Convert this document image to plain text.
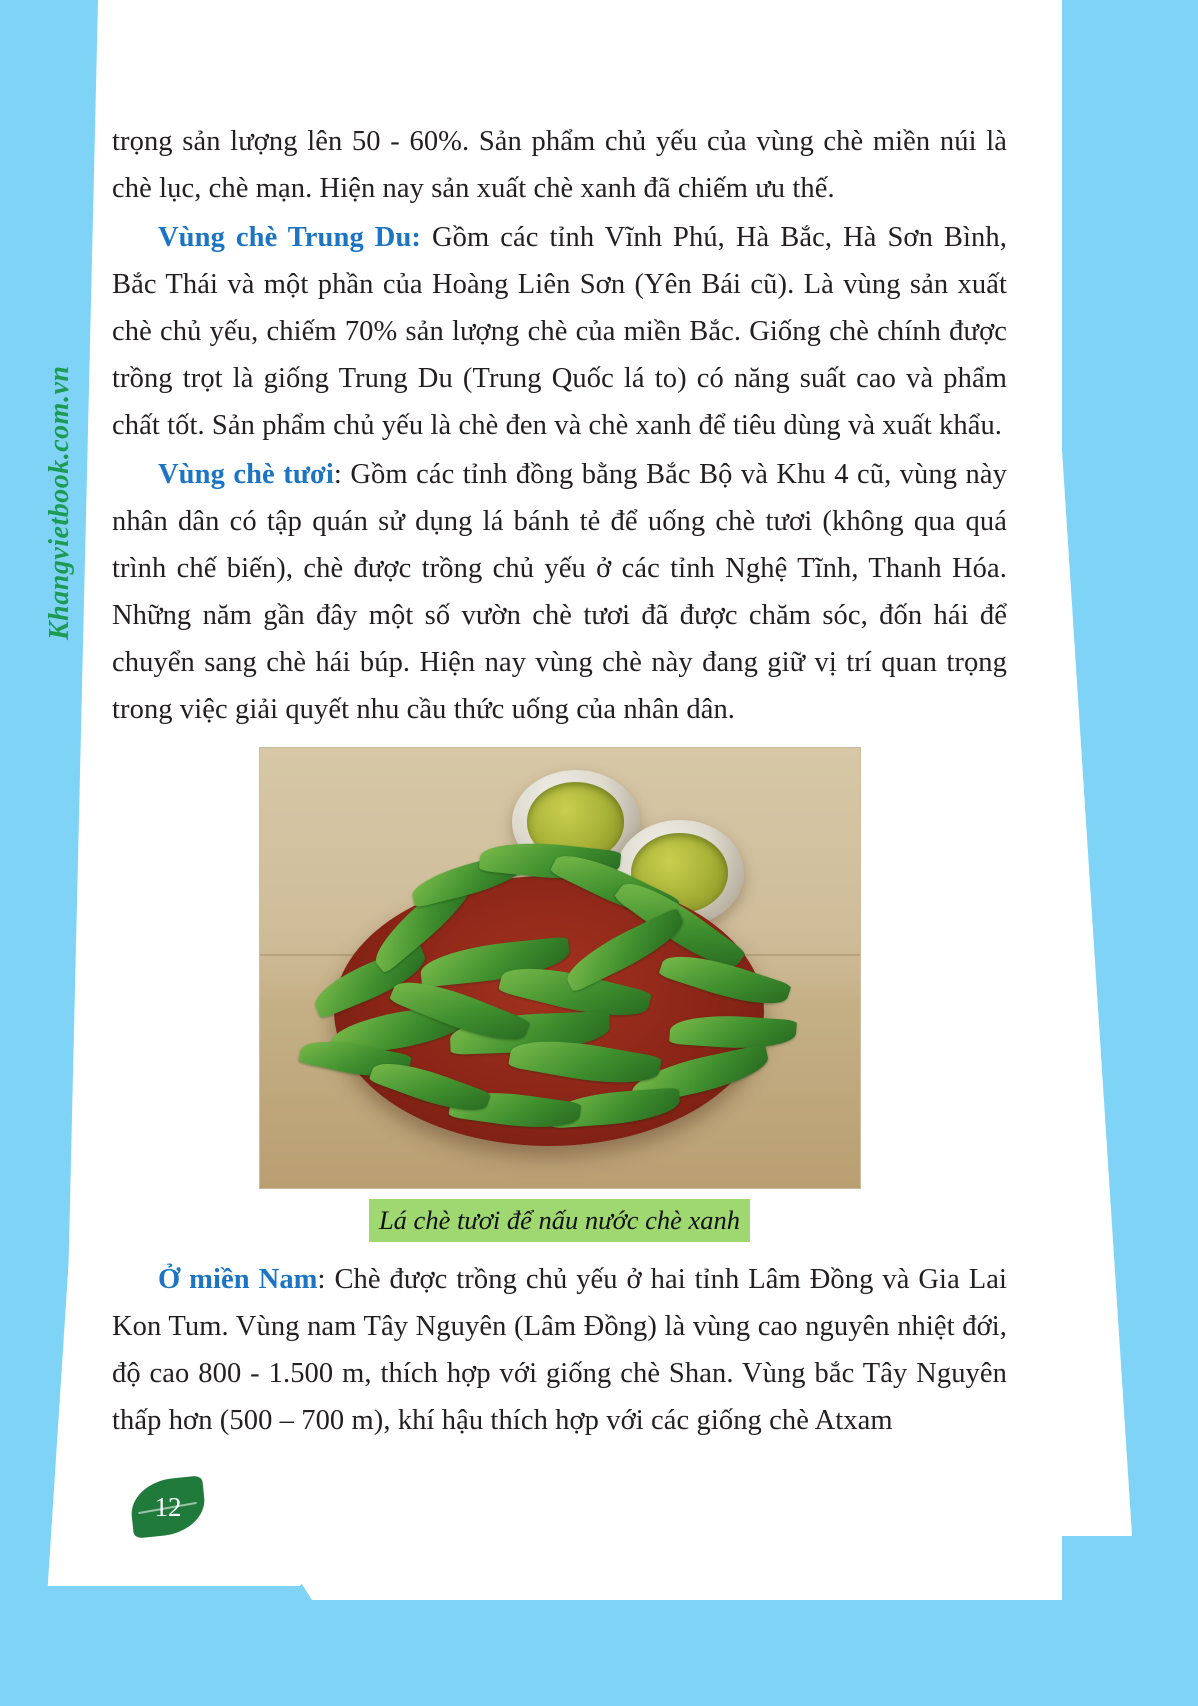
Khangvietbook.com.vn

trọng sản lượng lên 50 - 60%. Sản phẩm chủ yếu của vùng chè miền núi là chè lục, chè mạn. Hiện nay sản xuất chè xanh đã chiếm ưu thế.

Vùng chè Trung Du: Gồm các tỉnh Vĩnh Phú, Hà Bắc, Hà Sơn Bình, Bắc Thái và một phần của Hoàng Liên Sơn (Yên Bái cũ). Là vùng sản xuất chè chủ yếu, chiếm 70% sản lượng chè của miền Bắc. Giống chè chính được trồng trọt là giống Trung Du (Trung Quốc lá to) có năng suất cao và phẩm chất tốt. Sản phẩm chủ yếu là chè đen và chè xanh để tiêu dùng và xuất khẩu.

Vùng chè tươi: Gồm các tỉnh đồng bằng Bắc Bộ và Khu 4 cũ, vùng này nhân dân có tập quán sử dụng lá bánh tẻ để uống chè tươi (không qua quá trình chế biến), chè được trồng chủ yếu ở các tỉnh Nghệ Tĩnh, Thanh Hóa. Những năm gần đây một số vườn chè tươi đã được chăm sóc, đốn hái để chuyển sang chè hái búp. Hiện nay vùng chè này đang giữ vị trí quan trọng trong việc giải quyết nhu cầu thức uống của nhân dân.

Lá chè tươi để nấu nước chè xanh

Ở miền Nam: Chè được trồng chủ yếu ở hai tỉnh Lâm Đồng và Gia Lai Kon Tum. Vùng nam Tây Nguyên (Lâm Đồng) là vùng cao nguyên nhiệt đới, độ cao 800 - 1.500 m, thích hợp với giống chè Shan. Vùng bắc Tây Nguyên thấp hơn (500 – 700 m), khí hậu thích hợp với các giống chè Atxam

12
